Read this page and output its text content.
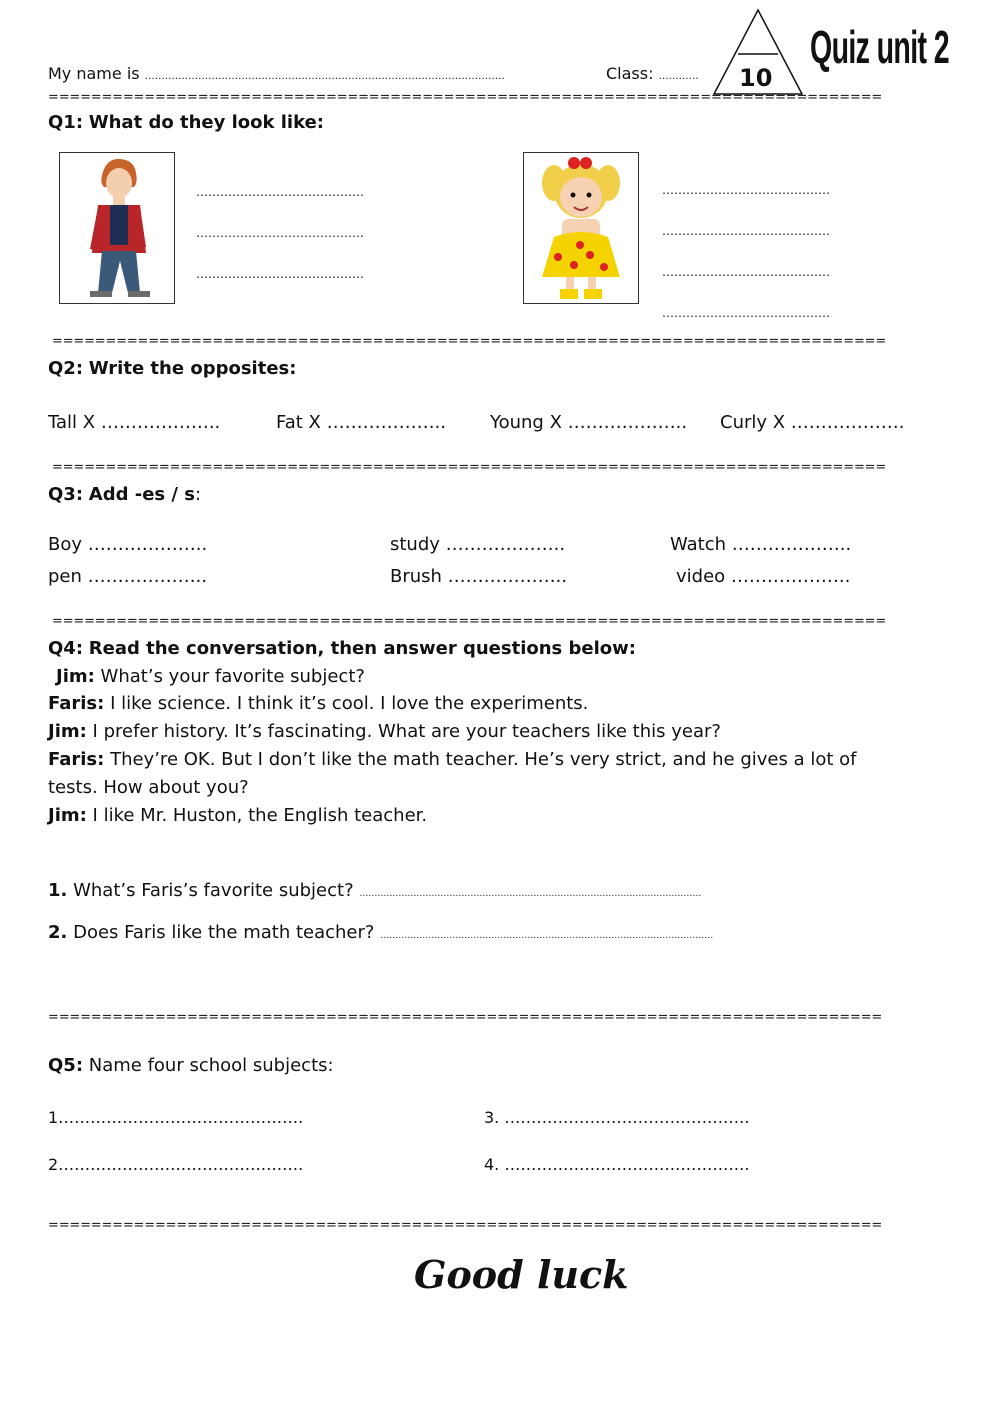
My name is ………………………………………………………………………………………………	Class: ………… 10
Quiz unit 2
==============================================================================
Q1: What do they look like:
……………………………………
……………………………………
……………………………………
……………………………………
……………………………………
……………………………………
……………………………………
==============================================================================
Q2: Write the opposites:
Tall X ………………..	Fat X ……………….. Young X ……………….. Curly X ……………….
==============================================================================
Q3: Add -es / s:
Boy ………………..	study ………………..	Watch ………………..
pen ………………..	Brush ………………..	video ………………..
==============================================================================
Q4: Read the conversation, then answer questions below:
Jim: What’s your favorite subject?
Faris: I like science. I think it’s cool. I love the experiments.
Jim: I prefer history. It’s fascinating. What are your teachers like this year?
Faris: They’re OK. But I don’t like the math teacher. He’s very strict, and he gives a lot of
tests. How about you?
Jim: I like Mr. Huston, the English teacher.
1. What’s Faris’s favorite subject? ……………………………………………………………………………………………………
2. Does Faris like the math teacher? …………………………………………………………………………………………………
==============================================================================
Q5: Name four school subjects:
1……………………………………….	3. ……………………………………….
2……………………………………….	4. ……………………………………….
==============================================================================
Good luck
